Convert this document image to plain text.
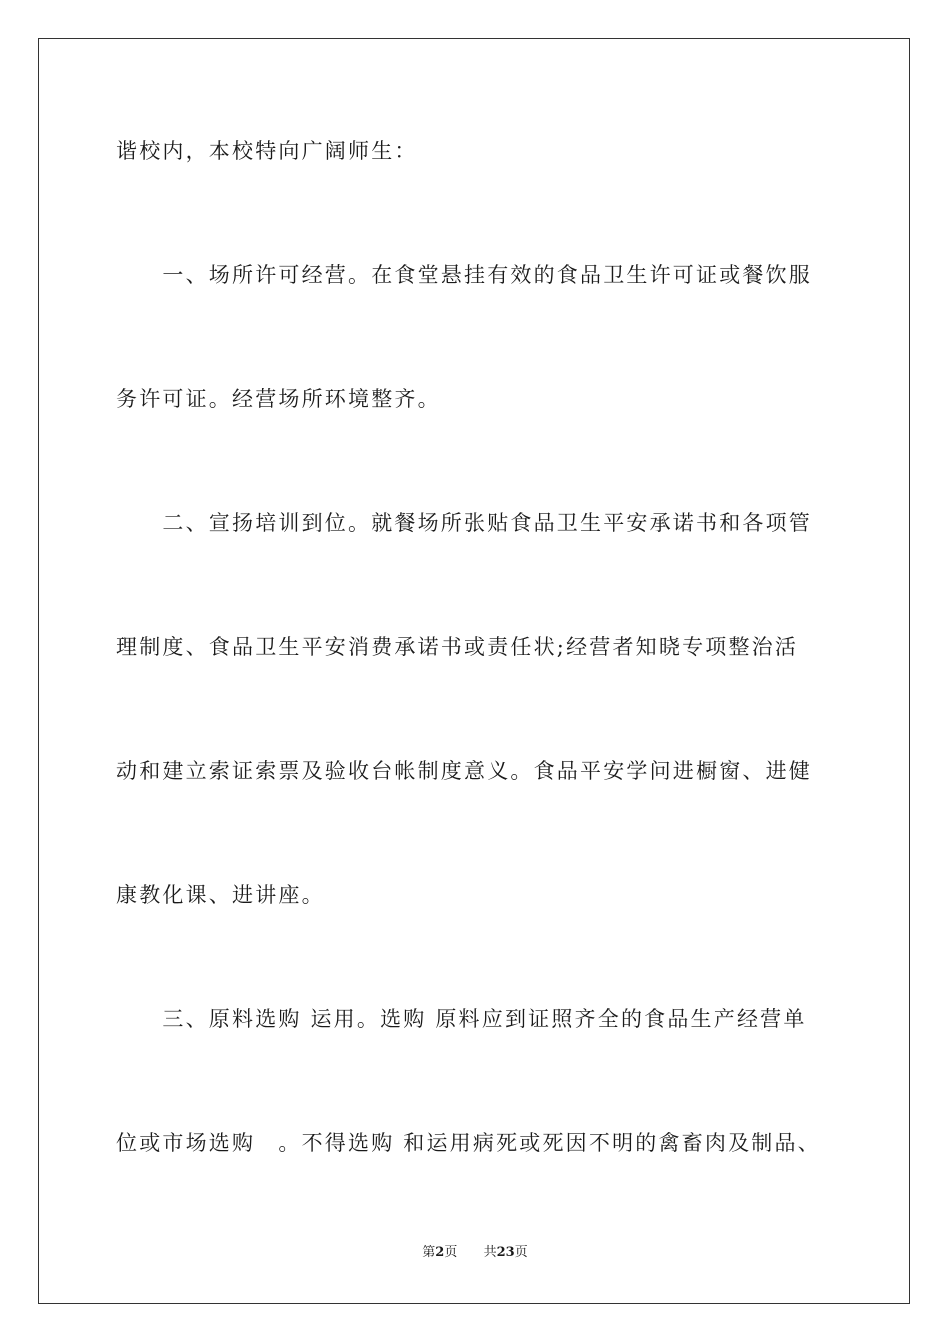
谐校内，本校特向广阔师生：
　　一、场所许可经营。在食堂悬挂有效的食品卫生许可证或餐饮服
务许可证。经营场所环境整齐。
　　二、宣扬培训到位。就餐场所张贴食品卫生平安承诺书和各项管
理制度、食品卫生平安消费承诺书或责任状;经营者知晓专项整治活
动和建立索证索票及验收台帐制度意义。食品平安学问进橱窗、进健
康教化课、进讲座。
　　三、原料选购 运用。选购 原料应到证照齐全的食品生产经营单
位或市场选购　。不得选购 和运用病死或死因不明的禽畜肉及制品、
第2页 共23页
